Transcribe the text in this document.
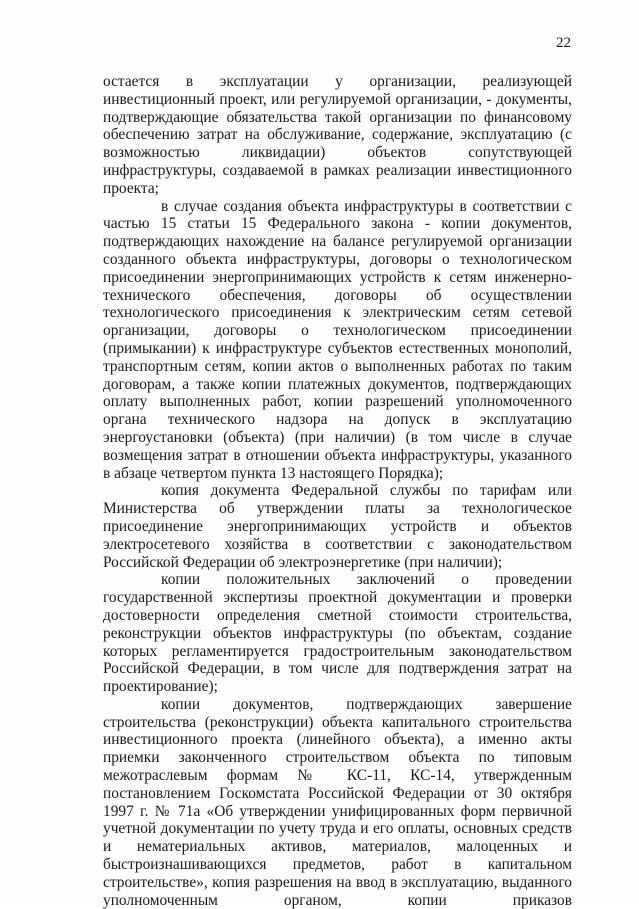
22

остается в эксплуатации у организации, реализующей инвестиционный проект, или регулируемой организации, - документы, подтверждающие обязательства такой организации по финансовому обеспечению затрат на обслуживание, содержание, эксплуатацию (с возможностью ликвидации) объектов сопутствующей инфраструктуры, создаваемой в рамках реализации инвестиционного проекта;

в случае создания объекта инфраструктуры в соответствии с частью 15 статьи 15 Федерального закона - копии документов, подтверждающих нахождение на балансе регулируемой организации созданного объекта инфраструктуры, договоры о технологическом присоединении энергопринимающих устройств к сетям инженерно-технического обеспечения, договоры об осуществлении технологического присоединения к электрическим сетям сетевой организации, договоры о технологическом присоединении (примыкании) к инфраструктуре субъектов естественных монополий, транспортным сетям, копии актов о выполненных работах по таким договорам, а также копии платежных документов, подтверждающих оплату выполненных работ, копии разрешений уполномоченного органа технического надзора на допуск в эксплуатацию энергоустановки (объекта) (при наличии) (в том числе в случае возмещения затрат в отношении объекта инфраструктуры, указанного в абзаце четвертом пункта 13 настоящего Порядка);

копия документа Федеральной службы по тарифам или Министерства об утверждении платы за технологическое присоединение энергопринимающих устройств и объектов электросетевого хозяйства в соответствии с законодательством Российской Федерации об электроэнергетике (при наличии);

копии положительных заключений о проведении государственной экспертизы проектной документации и проверки достоверности определения сметной стоимости строительства, реконструкции объектов инфраструктуры (по объектам, создание которых регламентируется градостроительным законодательством Российской Федерации, в том числе для подтверждения затрат на проектирование);

копии документов, подтверждающих завершение строительства (реконструкции) объекта капитального строительства инвестиционного проекта (линейного объекта), а именно акты приемки законченного строительством объекта по типовым межотраслевым формам № КС-11, КС-14, утвержденным постановлением Госкомстата Российской Федерации от 30 октября 1997 г. № 71а «Об утверждении унифицированных форм первичной учетной документации по учету труда и его оплаты, основных средств и нематериальных активов, материалов, малоценных и быстроизнашивающихся предметов, работ в капитальном строительстве», копия разрешения на ввод в эксплуатацию, выданного уполномоченным органом, копии приказов
